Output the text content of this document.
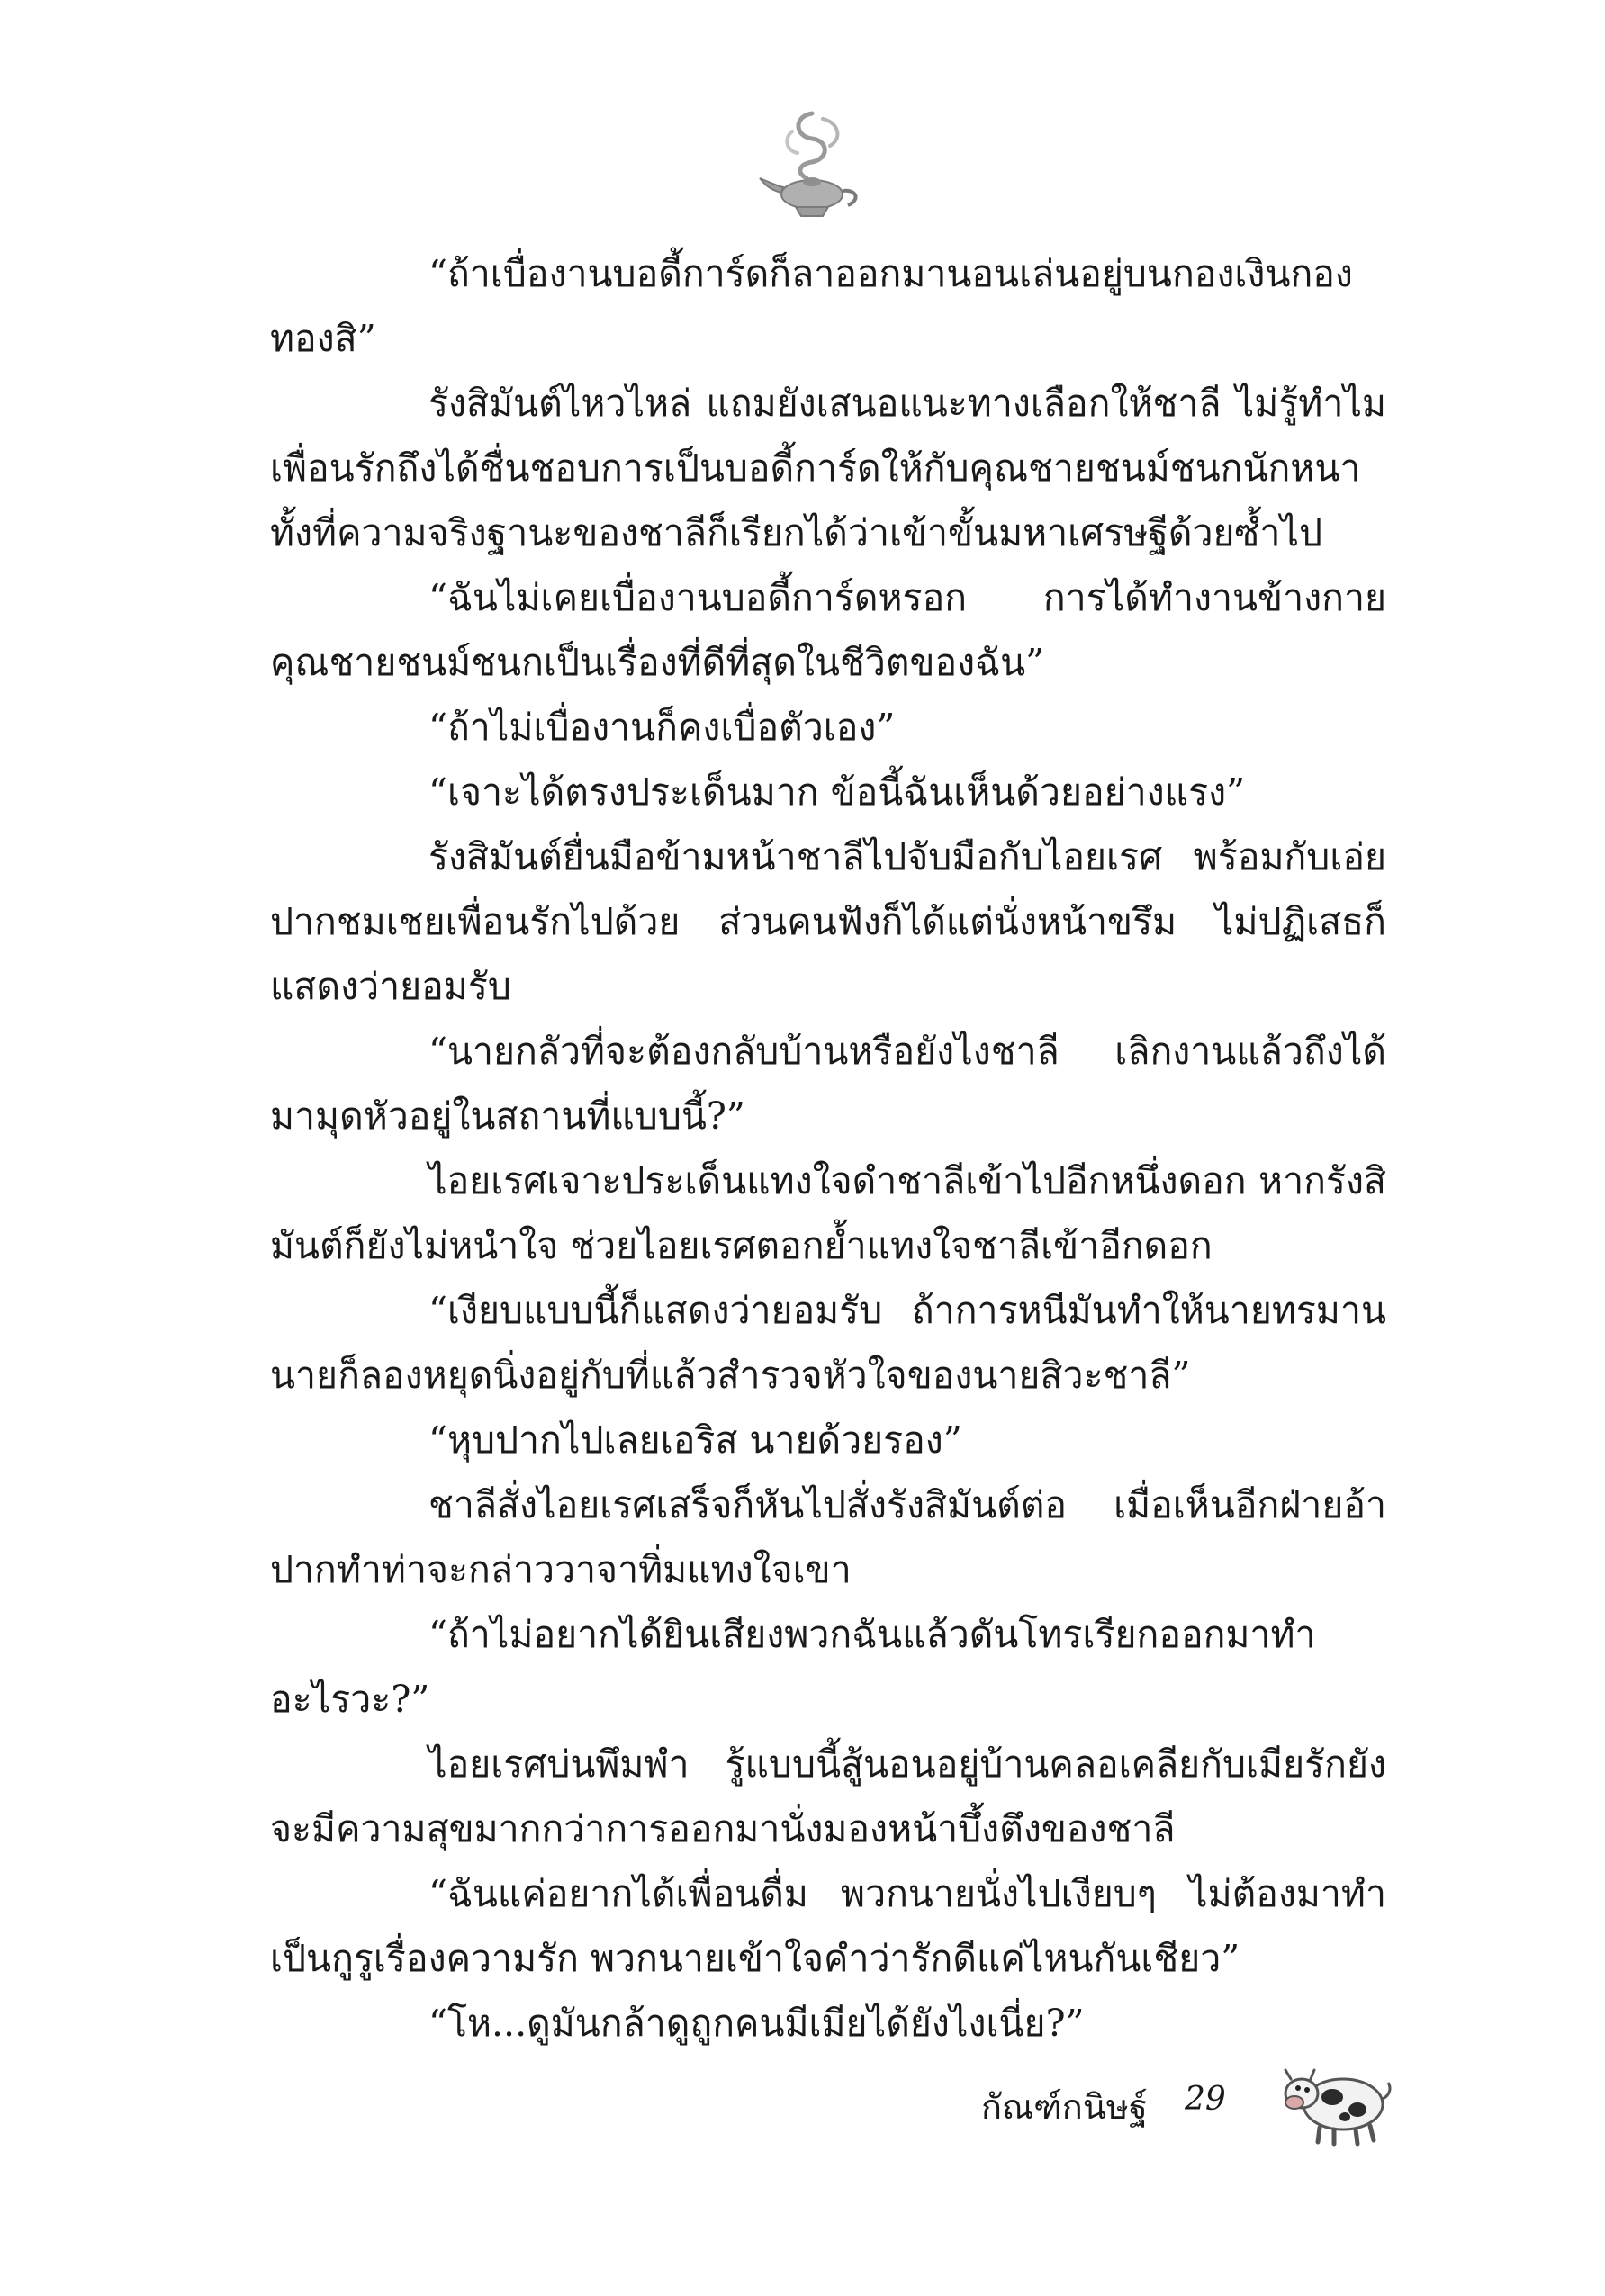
“ถ้าเบื่องานบอดี้การ์ดก็ลาออกมานอนเล่นอยู่บนกองเงินกองทองสิ”

รังสิมันต์ไหวไหล่ แถมยังเสนอแนะทางเลือกให้ชาลี ไม่รู้ทำไมเพื่อนรักถึงได้ชื่นชอบการเป็นบอดี้การ์ดให้กับคุณชายชนม์ชนกนักหนา ทั้งที่ความจริงฐานะของชาลีก็เรียกได้ว่าเข้าขั้นมหาเศรษฐีด้วยซ้ำไป

“ฉันไม่เคยเบื่องานบอดี้การ์ดหรอก การได้ทำงานข้างกายคุณชายชนม์ชนกเป็นเรื่องที่ดีที่สุดในชีวิตของฉัน”

“ถ้าไม่เบื่องานก็คงเบื่อตัวเอง”

“เจาะได้ตรงประเด็นมาก ข้อนี้ฉันเห็นด้วยอย่างแรง”

รังสิมันต์ยื่นมือข้ามหน้าชาลีไปจับมือกับไอยเรศ พร้อมกับเอ่ยปากชมเชยเพื่อนรักไปด้วย ส่วนคนฟังก็ได้แต่นั่งหน้าขรึม ไม่ปฏิเสธก็แสดงว่ายอมรับ

“นายกลัวที่จะต้องกลับบ้านหรือยังไงชาลี เลิกงานแล้วถึงได้มามุดหัวอยู่ในสถานที่แบบนี้?”

ไอยเรศเจาะประเด็นแทงใจดำชาลีเข้าไปอีกหนึ่งดอก หากรังสิมันต์ก็ยังไม่หนำใจ ช่วยไอยเรศตอกย้ำแทงใจชาลีเข้าอีกดอก

“เงียบแบบนี้ก็แสดงว่ายอมรับ ถ้าการหนีมันทำให้นายทรมานนายก็ลองหยุดนิ่งอยู่กับที่แล้วสำรวจหัวใจของนายสิวะชาลี”

“หุบปากไปเลยเอริส นายด้วยรอง”

ชาลีสั่งไอยเรศเสร็จก็หันไปสั่งรังสิมันต์ต่อ เมื่อเห็นอีกฝ่ายอ้าปากทำท่าจะกล่าววาจาทิ่มแทงใจเขา

“ถ้าไม่อยากได้ยินเสียงพวกฉันแล้วดันโทรเรียกออกมาทำอะไรวะ?”

ไอยเรศบ่นพึมพำ รู้แบบนี้สู้นอนอยู่บ้านคลอเคลียกับเมียรักยังจะมีความสุขมากกว่าการออกมานั่งมองหน้าบึ้งตึงของชาลี

“ฉันแค่อยากได้เพื่อนดื่ม พวกนายนั่งไปเงียบๆ ไม่ต้องมาทำเป็นกูรูเรื่องความรัก พวกนายเข้าใจคำว่ารักดีแค่ไหนกันเชียว”

“โห...ดูมันกล้าดูถูกคนมีเมียได้ยังไงเนี่ย?”

กัณฑ์กนิษฐ์ 29
